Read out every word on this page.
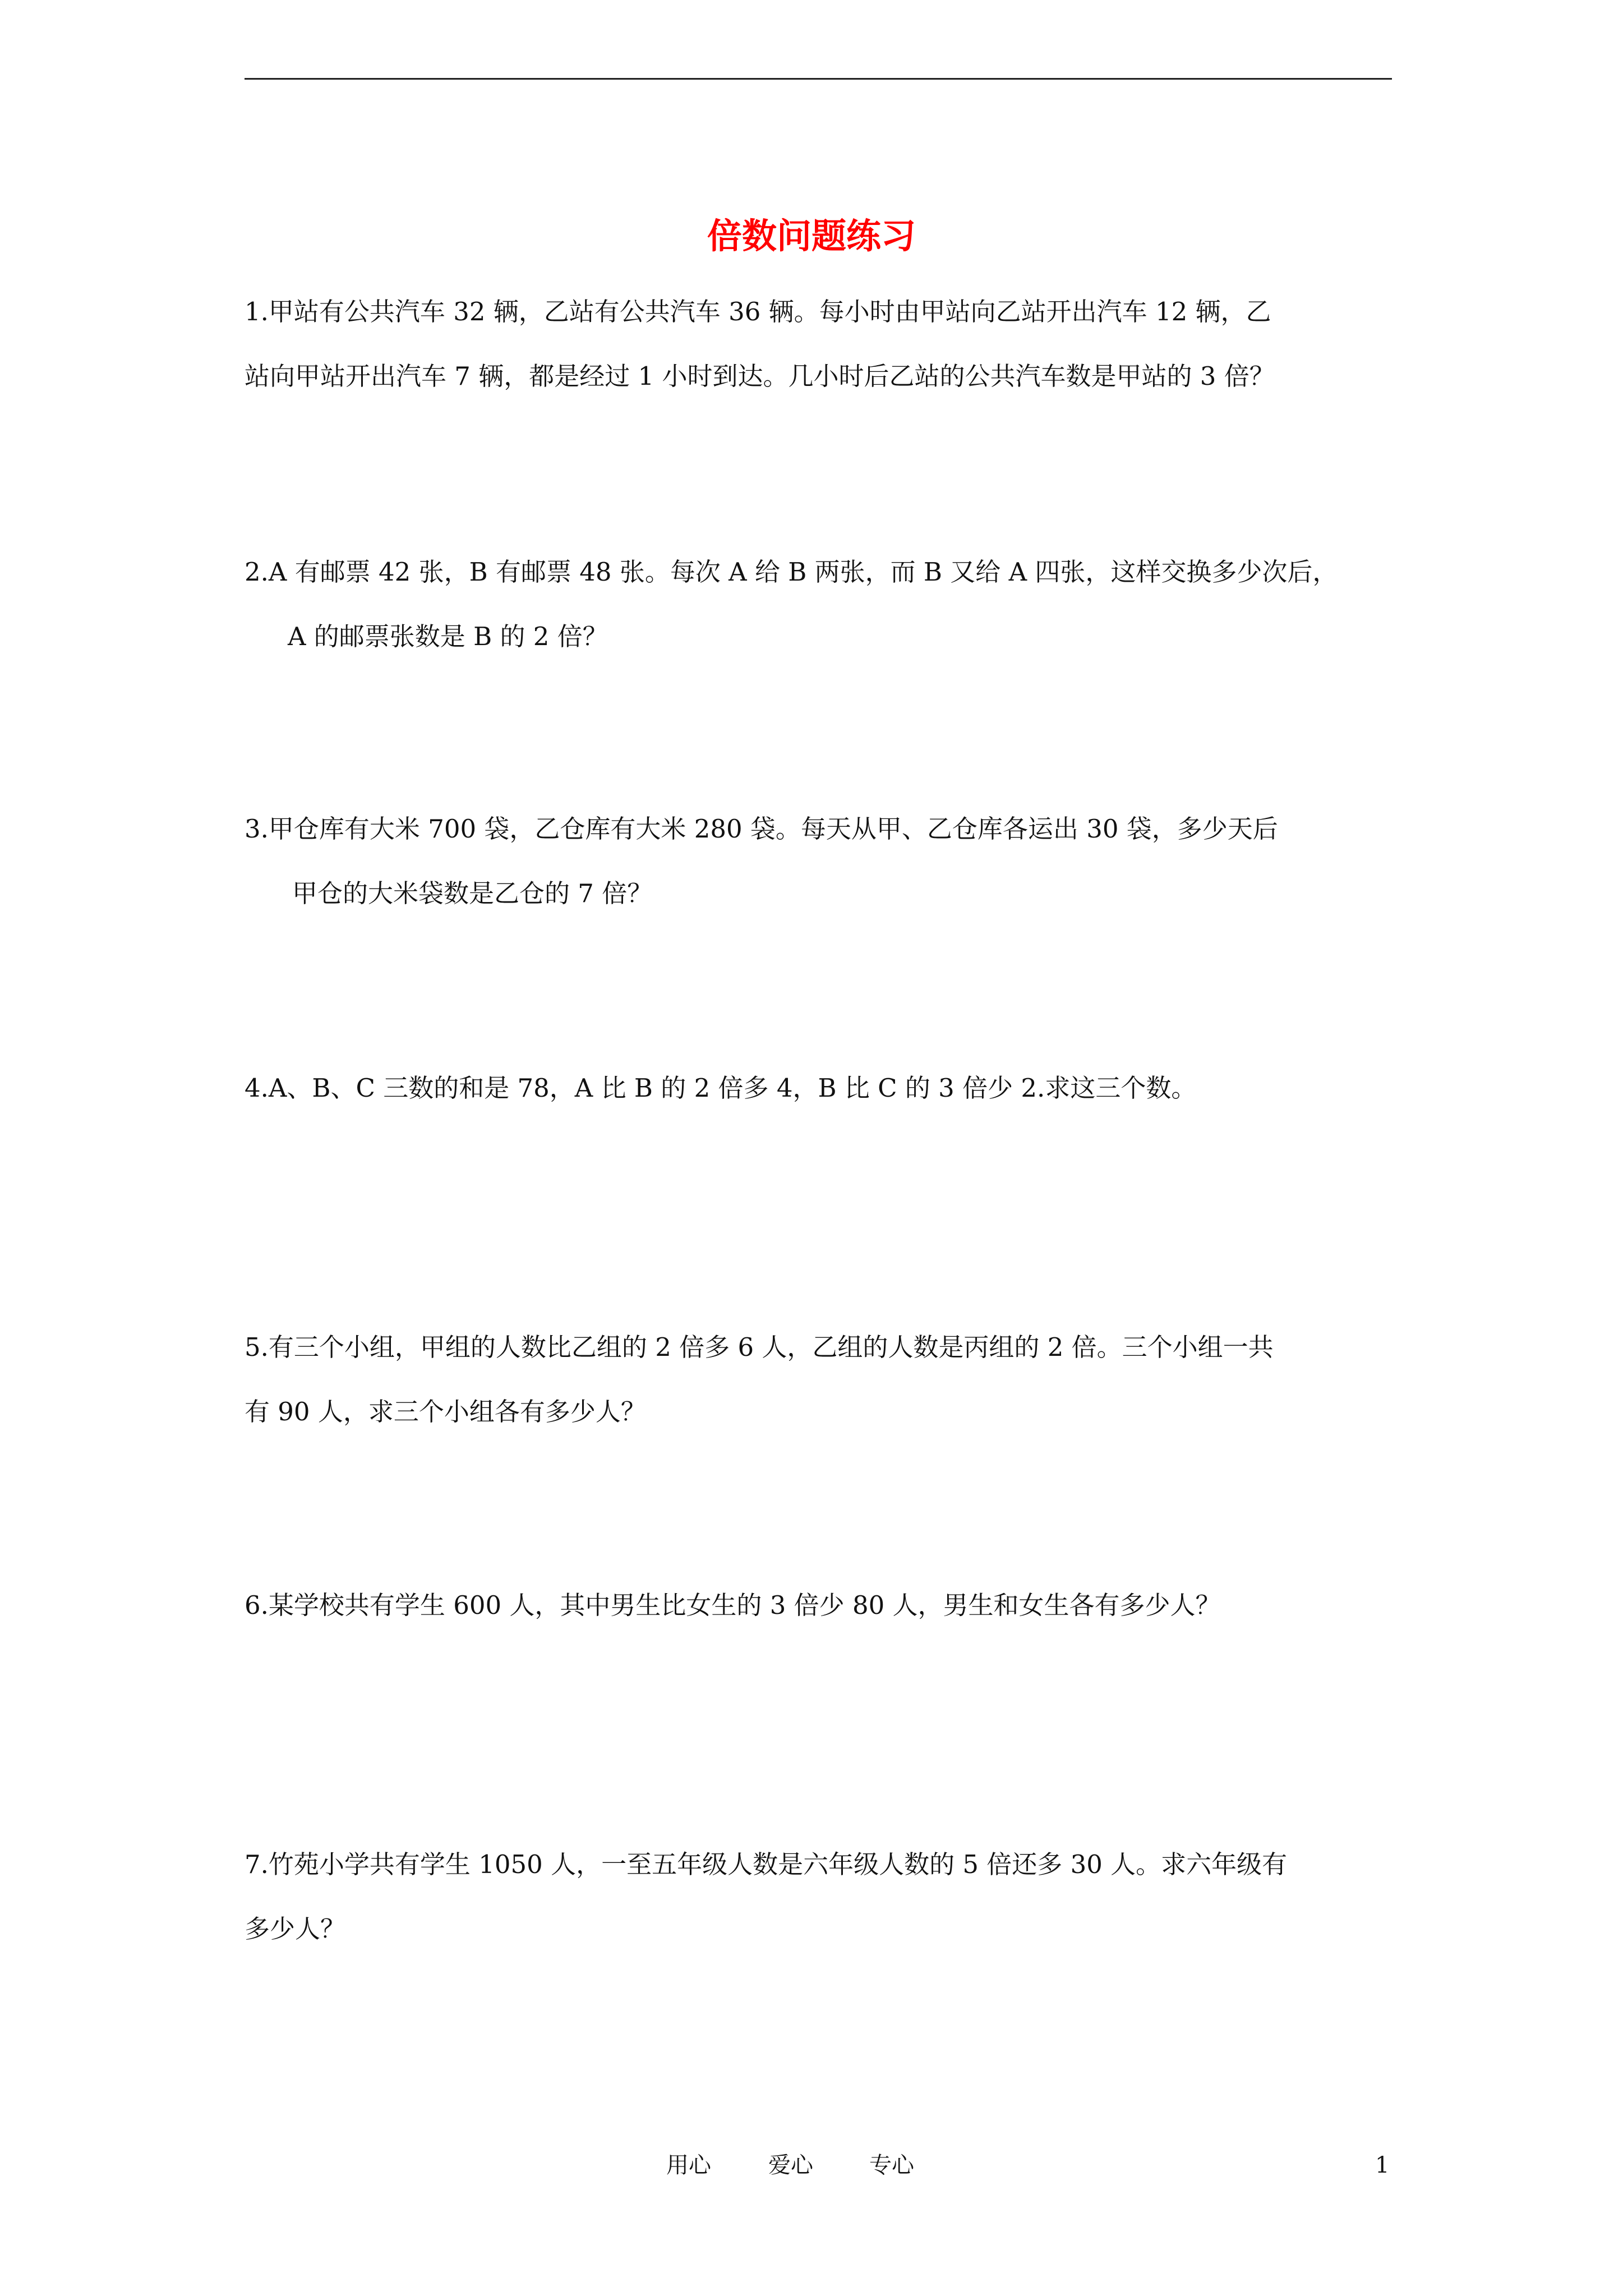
倍数问题练习
1.甲站有公共汽车 32 辆，乙站有公共汽车 36 辆。每小时由甲站向乙站开出汽车 12 辆，乙
站向甲站开出汽车 7 辆，都是经过 1 小时到达。几小时后乙站的公共汽车数是甲站的 3 倍？
2.A 有邮票 42 张，B 有邮票 48 张。每次 A 给 B 两张，而 B 又给 A 四张，这样交换多少次后，
A 的邮票张数是 B 的 2 倍？
3.甲仓库有大米 700 袋，乙仓库有大米 280 袋。每天从甲、乙仓库各运出 30 袋，多少天后
甲仓的大米袋数是乙仓的 7 倍？
4.A、B、C 三数的和是 78，A 比 B 的 2 倍多 4，B 比 C 的 3 倍少 2.求这三个数。
5.有三个小组，甲组的人数比乙组的 2 倍多 6 人，乙组的人数是丙组的 2 倍。三个小组一共
有 90 人，求三个小组各有多少人？
6.某学校共有学生 600 人，其中男生比女生的 3 倍少 80 人，男生和女生各有多少人？
7.竹苑小学共有学生 1050 人，一至五年级人数是六年级人数的 5 倍还多 30 人。求六年级有
多少人？
用心	爱心	专心	1
